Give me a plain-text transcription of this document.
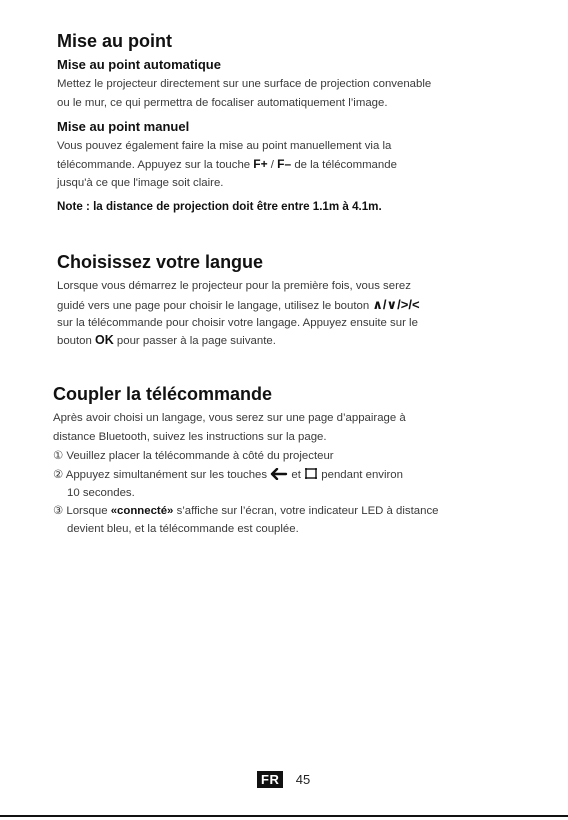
Mise au point
Mise au point automatique
Mettez le projecteur directement sur une surface de projection convenable
ou le mur, ce qui permettra de focaliser automatiquement l’image.
Mise au point manuel
Vous pouvez également faire la mise au point manuellement via la
télécommande. Appuyez sur la touche F+ / F– de la télécommande
jusqu'à ce que l'image soit claire.
Note : la distance de projection doit être entre 1.1m à 4.1m.
Choisissez votre langue
Lorsque vous démarrez le projecteur pour la première fois, vous serez
guidé vers une page pour choisir le langage, utilisez le bouton ∧/∨/>/<
sur la télécommande pour choisir votre langage. Appuyez ensuite sur le
bouton OK pour passer à la page suivante.
Coupler la télécommande
Après avoir choisi un langage, vous serez sur une page d’appairage à
distance Bluetooth, suivez les instructions sur la page.
① Veuillez placer la télécommande à côté du projecteur
② Appuyez simultanément sur les touches  et  pendant environ
10 secondes.
③ Lorsque «connecté» s’affiche sur l’écran, votre indicateur LED à distance
devient bleu, et la télécommande est couplée.
FR 45
